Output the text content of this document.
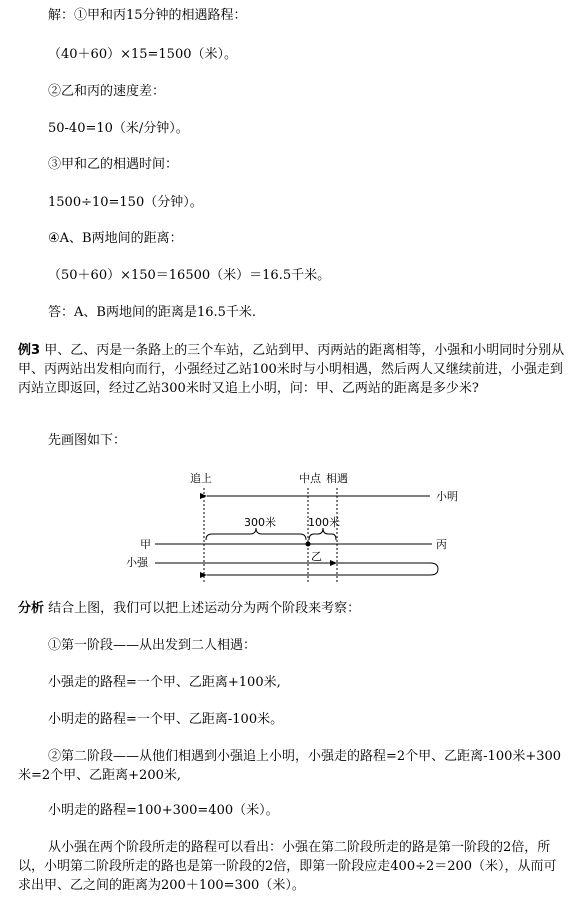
解：①甲和丙15分钟的相遇路程：
（40＋60）×15=1500（米）。
②乙和丙的速度差：
50-40=10（米/分钟）。
③甲和乙的相遇时间：
1500÷10=150（分钟）。
④A、B两地间的距离：
（50＋60）×150＝16500（米）＝16.5千米。
答：A、B两地间的距离是16.5千米.
例3 甲、乙、丙是一条路上的三个车站，乙站到甲、丙两站的距离相等，小强和小明同时分别从甲、丙两站出发相向而行，小强经过乙站100米时与小明相遇，然后两人又继续前进，小强走到丙站立即返回，经过乙站300米时又追上小明，问：甲、乙两站的距离是多少米?
先画图如下：
追上	中点 相遇
小明
300米	100米
甲	丙
乙
小强
分析 结合上图，我们可以把上述运动分为两个阶段来考察：
①第一阶段——从出发到二人相遇：
小强走的路程=一个甲、乙距离+100米,
小明走的路程=一个甲、乙距离-100米。
②第二阶段——从他们相遇到小强追上小明，小强走的路程=2个甲、乙距离-100米+300米=2个甲、乙距离+200米,
小明走的路程=100+300=400（米）。
从小强在两个阶段所走的路程可以看出：小强在第二阶段所走的路是第一阶段的2倍，所以，小明第二阶段所走的路也是第一阶段的2倍，即第一阶段应走400÷2＝200（米），从而可求出甲、乙之间的距离为200＋100=300（米）。
